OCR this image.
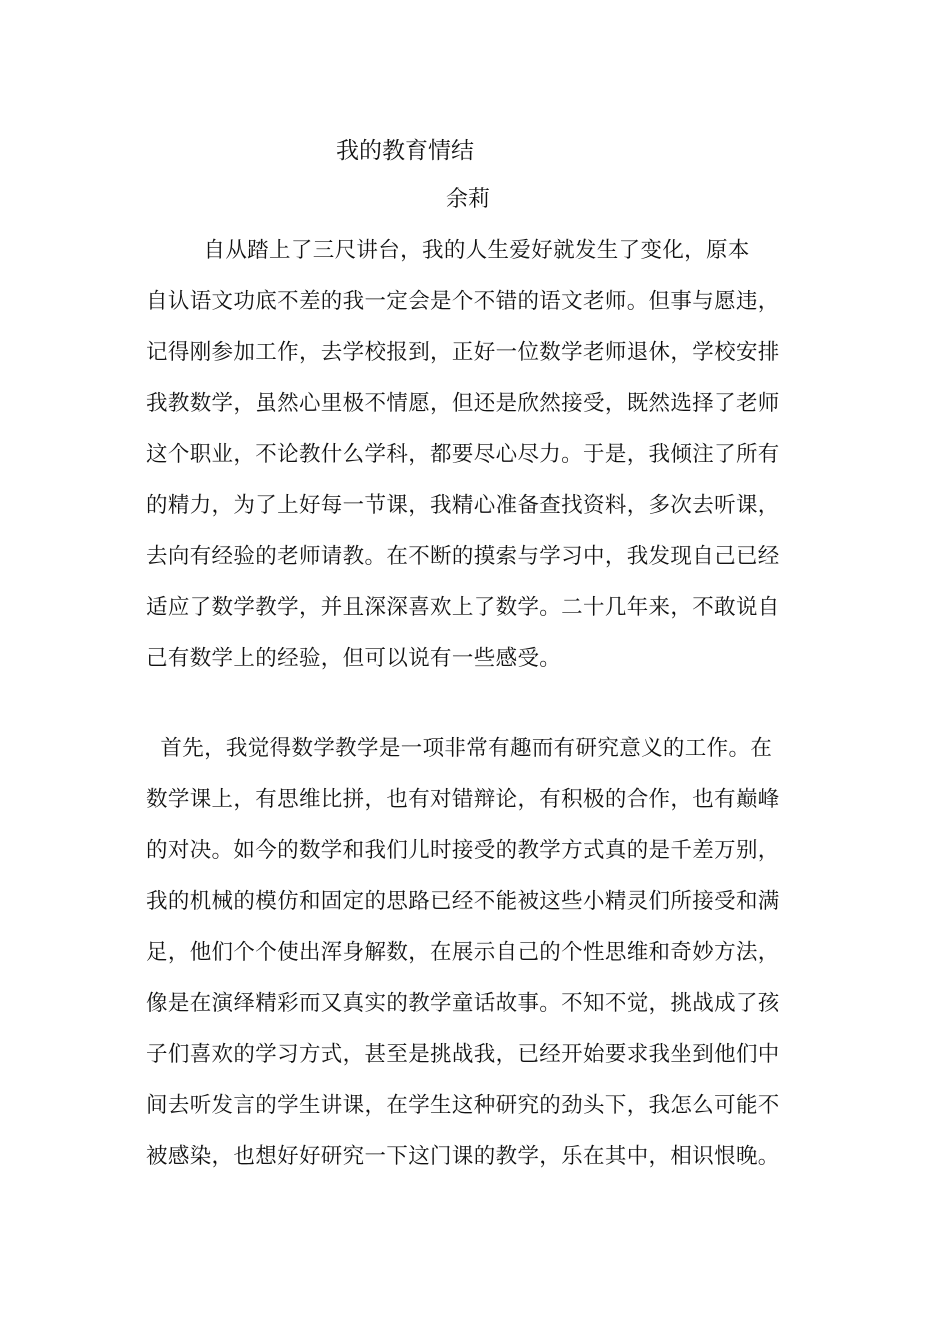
我的教育情结
余莉
自从踏上了三尺讲台，我的人生爱好就发生了变化，原本
自认语文功底不差的我一定会是个不错的语文老师。但事与愿违，
记得刚参加工作，去学校报到，正好一位数学老师退休，学校安排
我教数学，虽然心里极不情愿，但还是欣然接受，既然选择了老师
这个职业，不论教什么学科，都要尽心尽力。于是，我倾注了所有
的精力，为了上好每一节课，我精心准备查找资料，多次去听课，
去向有经验的老师请教。在不断的摸索与学习中，我发现自己已经
适应了数学教学，并且深深喜欢上了数学。二十几年来，不敢说自
己有数学上的经验，但可以说有一些感受。
首先，我觉得数学教学是一项非常有趣而有研究意义的工作。在
数学课上，有思维比拼，也有对错辩论，有积极的合作，也有巅峰
的对决。如今的数学和我们儿时接受的教学方式真的是千差万别，
我的机械的模仿和固定的思路已经不能被这些小精灵们所接受和满
足，他们个个使出浑身解数，在展示自己的个性思维和奇妙方法，
像是在演绎精彩而又真实的教学童话故事。不知不觉，挑战成了孩
子们喜欢的学习方式，甚至是挑战我，已经开始要求我坐到他们中
间去听发言的学生讲课，在学生这种研究的劲头下，我怎么可能不
被感染，也想好好研究一下这门课的教学，乐在其中，相识恨晚。
